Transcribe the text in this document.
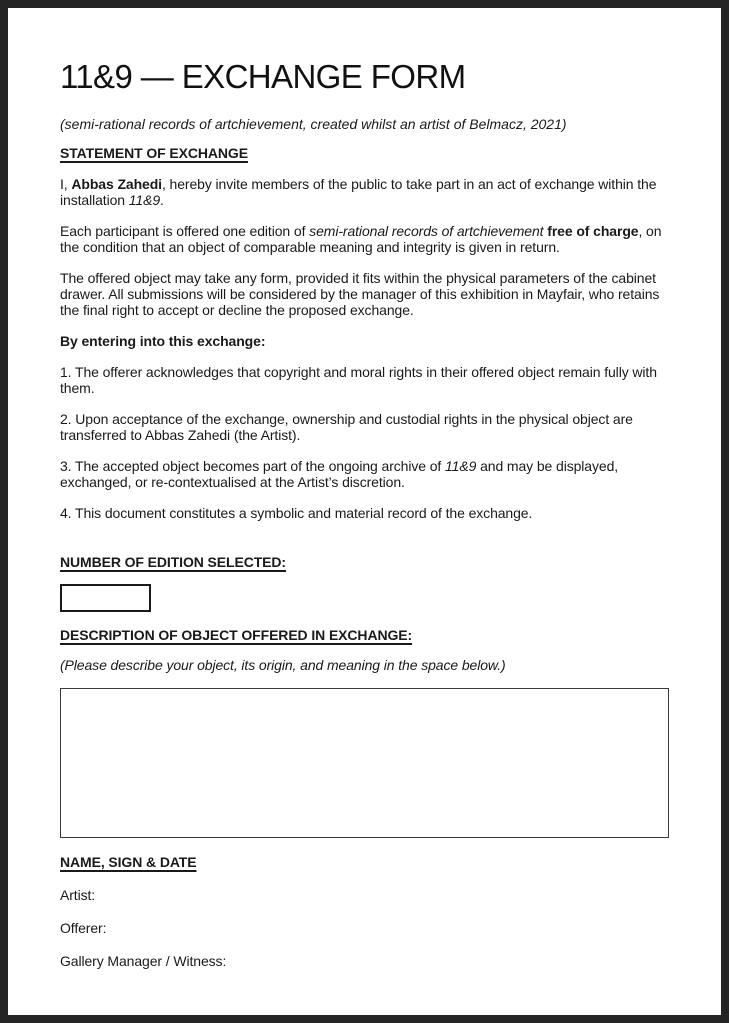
11&9 — EXCHANGE FORM

(semi-rational records of artchievement, created whilst an artist of Belmacz, 2021)

STATEMENT OF EXCHANGE

I, Abbas Zahedi, hereby invite members of the public to take part in an act of exchange within the installation 11&9.

Each participant is offered one edition of semi-rational records of artchievement free of charge, on the condition that an object of comparable meaning and integrity is given in return.

The offered object may take any form, provided it fits within the physical parameters of the cabinet drawer. All submissions will be considered by the manager of this exhibition in Mayfair, who retains the final right to accept or decline the proposed exchange.

By entering into this exchange:

1. The offerer acknowledges that copyright and moral rights in their offered object remain fully with them.

2. Upon acceptance of the exchange, ownership and custodial rights in the physical object are transferred to Abbas Zahedi (the Artist).

3. The accepted object becomes part of the ongoing archive of 11&9 and may be displayed, exchanged, or re-contextualised at the Artist’s discretion.

4. This document constitutes a symbolic and material record of the exchange.

NUMBER OF EDITION SELECTED:
DESCRIPTION OF OBJECT OFFERED IN EXCHANGE:

(Please describe your object, its origin, and meaning in the space below.)

NAME, SIGN & DATE

Artist:

Offerer:

Gallery Manager / Witness:
